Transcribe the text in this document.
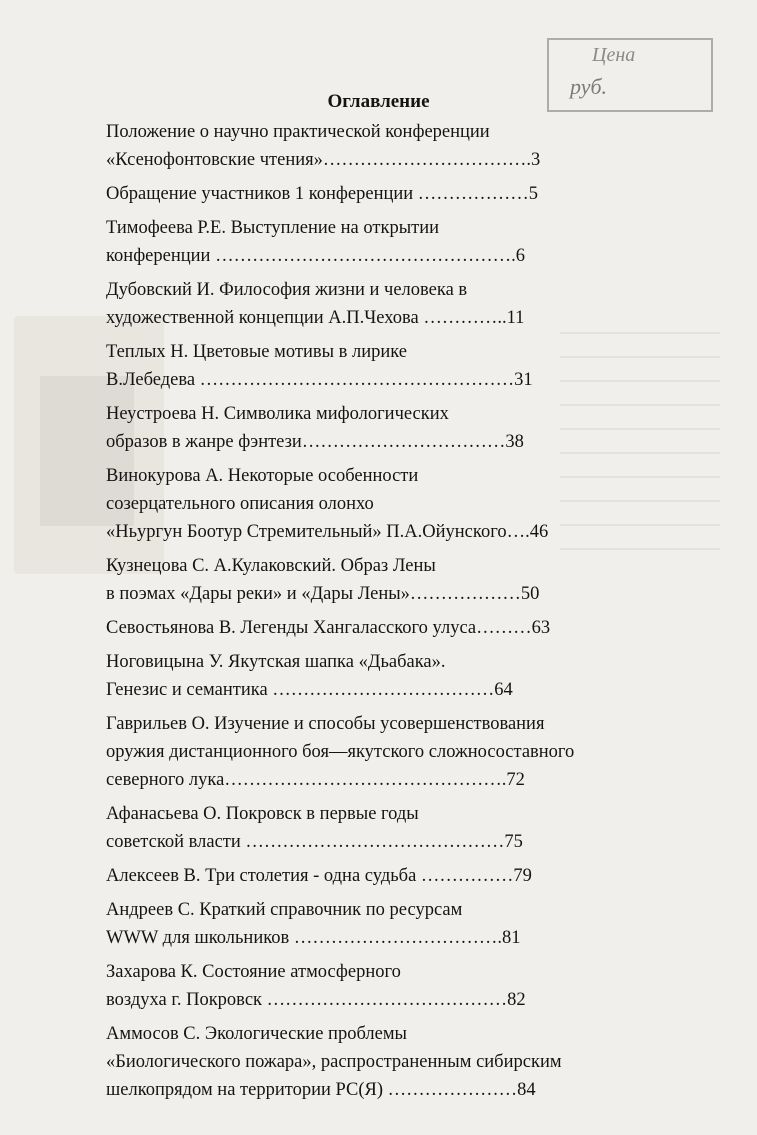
Цена
руб.
Оглавление
Положение о научно практической конференции
«Ксенофонтовские чтения»…………………………….3
Обращение участников 1 конференции ………………5
Тимофеева Р.Е. Выступление на открытии
конференции ………………………………………….6
Дубовский И. Философия жизни и человека в
художественной концепции А.П.Чехова …………..11
Теплых Н. Цветовые мотивы в лирике
В.Лебедева ……………………………………………31
Неустроева Н. Символика мифологических
образов в жанре фэнтези……………………………38
Винокурова А. Некоторые особенности
созерцательного описания олонхо
«Ньургун Боотур Стремительный» П.А.Ойунского….46
Кузнецова С. А.Кулаковский. Образ Лены
в поэмах «Дары реки» и «Дары Лены»………………50
Севостьянова В. Легенды Хангаласского улуса………63
Ноговицына У. Якутская шапка «Дьабака».
Генезис и семантика ………………………………64
Гаврильев О. Изучение и способы усовершенствования
оружия дистанционного боя—якутского сложносоставного
северного лука……………………………………….72
Афанасьева О. Покровск в первые годы
советской власти ……………………………………75
Алексеев В. Три столетия - одна судьба ……………79
Андреев С. Краткий справочник по ресурсам
WWW для школьников …………………………….81
Захарова К. Состояние атмосферного
воздуха г. Покровск …………………………………82
Аммосов С. Экологические проблемы
«Биологического пожара», распространенным сибирским
шелкопрядом на территории РС(Я) …………………84
